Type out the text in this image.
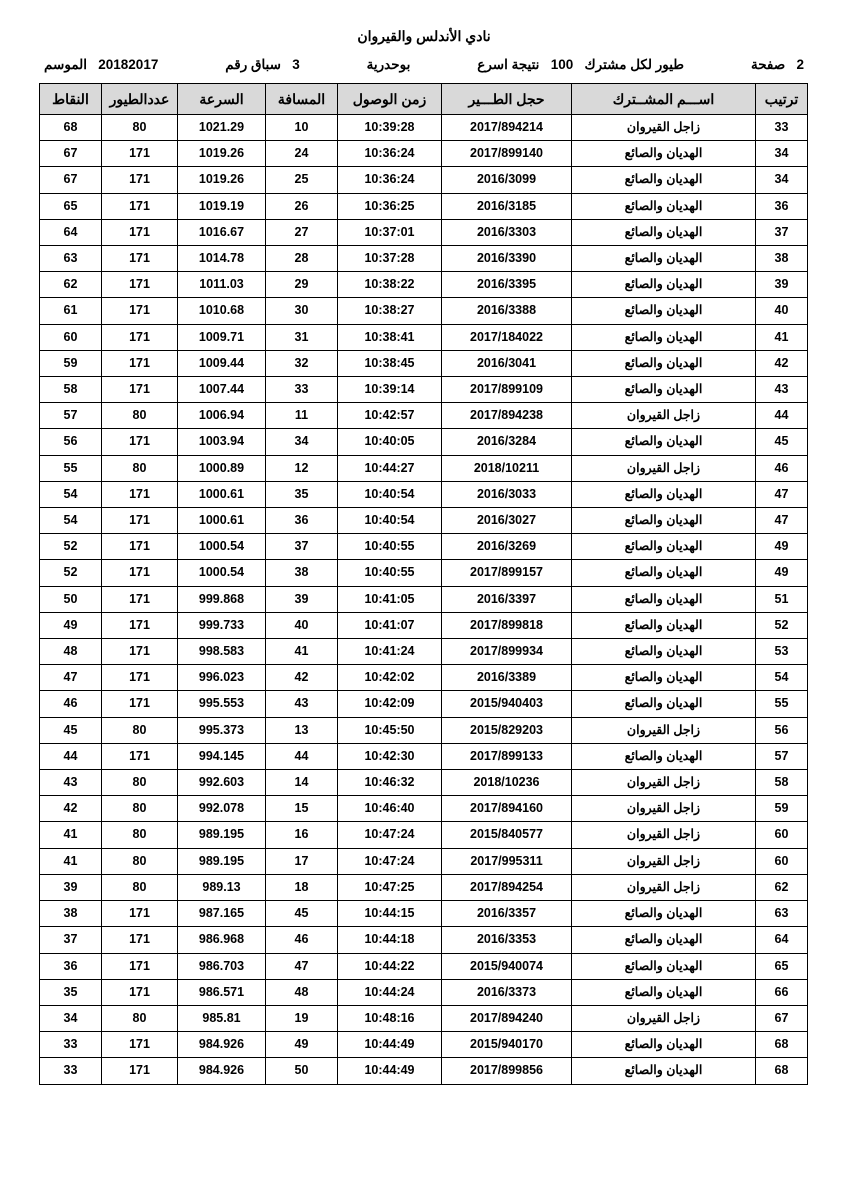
نادي الأندلس والقيروان
2   صفحة
طيور لكل مشترك   100   نتيجة اسرع
بوحدرية
3   سباق رقم
20182017   الموسم
ترتيب	اســـم المشــترك	حجل الطـــير	زمن الوصول	المسافة	السرعة	عددالطيور	النقاط
33	زاجل القيروان	2017/894214	10:39:28	10	1021.29	80	68
34	الهديان والصائع	2017/899140	10:36:24	24	1019.26	171	67
34	الهديان والصائع	2016/3099	10:36:24	25	1019.26	171	67
36	الهديان والصائع	2016/3185	10:36:25	26	1019.19	171	65
37	الهديان والصائع	2016/3303	10:37:01	27	1016.67	171	64
38	الهديان والصائع	2016/3390	10:37:28	28	1014.78	171	63
39	الهديان والصائع	2016/3395	10:38:22	29	1011.03	171	62
40	الهديان والصائع	2016/3388	10:38:27	30	1010.68	171	61
41	الهديان والصائع	2017/184022	10:38:41	31	1009.71	171	60
42	الهديان والصائع	2016/3041	10:38:45	32	1009.44	171	59
43	الهديان والصائع	2017/899109	10:39:14	33	1007.44	171	58
44	زاجل القيروان	2017/894238	10:42:57	11	1006.94	80	57
45	الهديان والصائع	2016/3284	10:40:05	34	1003.94	171	56
46	زاجل القيروان	2018/10211	10:44:27	12	1000.89	80	55
47	الهديان والصائع	2016/3033	10:40:54	35	1000.61	171	54
47	الهديان والصائع	2016/3027	10:40:54	36	1000.61	171	54
49	الهديان والصائع	2016/3269	10:40:55	37	1000.54	171	52
49	الهديان والصائع	2017/899157	10:40:55	38	1000.54	171	52
51	الهديان والصائع	2016/3397	10:41:05	39	999.868	171	50
52	الهديان والصائع	2017/899818	10:41:07	40	999.733	171	49
53	الهديان والصائع	2017/899934	10:41:24	41	998.583	171	48
54	الهديان والصائع	2016/3389	10:42:02	42	996.023	171	47
55	الهديان والصائع	2015/940403	10:42:09	43	995.553	171	46
56	زاجل القيروان	2015/829203	10:45:50	13	995.373	80	45
57	الهديان والصائع	2017/899133	10:42:30	44	994.145	171	44
58	زاجل القيروان	2018/10236	10:46:32	14	992.603	80	43
59	زاجل القيروان	2017/894160	10:46:40	15	992.078	80	42
60	زاجل القيروان	2015/840577	10:47:24	16	989.195	80	41
60	زاجل القيروان	2017/995311	10:47:24	17	989.195	80	41
62	زاجل القيروان	2017/894254	10:47:25	18	989.13	80	39
63	الهديان والصائع	2016/3357	10:44:15	45	987.165	171	38
64	الهديان والصائع	2016/3353	10:44:18	46	986.968	171	37
65	الهديان والصائع	2015/940074	10:44:22	47	986.703	171	36
66	الهديان والصائع	2016/3373	10:44:24	48	986.571	171	35
67	زاجل القيروان	2017/894240	10:48:16	19	985.81	80	34
68	الهديان والصائع	2015/940170	10:44:49	49	984.926	171	33
68	الهديان والصائع	2017/899856	10:44:49	50	984.926	171	33
